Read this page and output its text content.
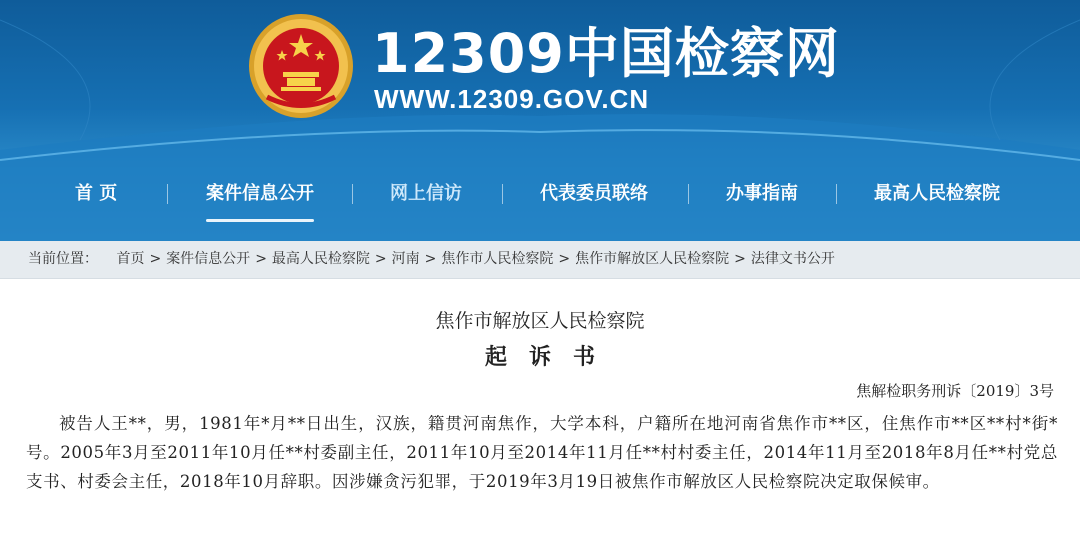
12309中国检察网
WWW.12309.GOV.CN
首 页	案件信息公开	网上信访	代表委员联络	办事指南	最高人民检察院
当前位置： 首页 > 案件信息公开 > 最高人民检察院 > 河南 > 焦作市人民检察院 > 焦作市解放区人民检察院 > 法律文书公开
焦作市解放区人民检察院
起诉书
焦解检职务刑诉〔2019〕3号
被告人王**，男，1981年*月**日出生，汉族，籍贯河南焦作，大学本科，户籍所在地河南省焦作市**区，住焦作市**区**村*街*号。2005年3月至2011年10月任**村委副主任，2011年10月至2014年11月任**村村委主任，2014年11月至2018年8月任**村党总支书、村委会主任，2018年10月辞职。因涉嫌贪污犯罪，于2019年3月19日被焦作市解放区人民检察院决定取保候审。
